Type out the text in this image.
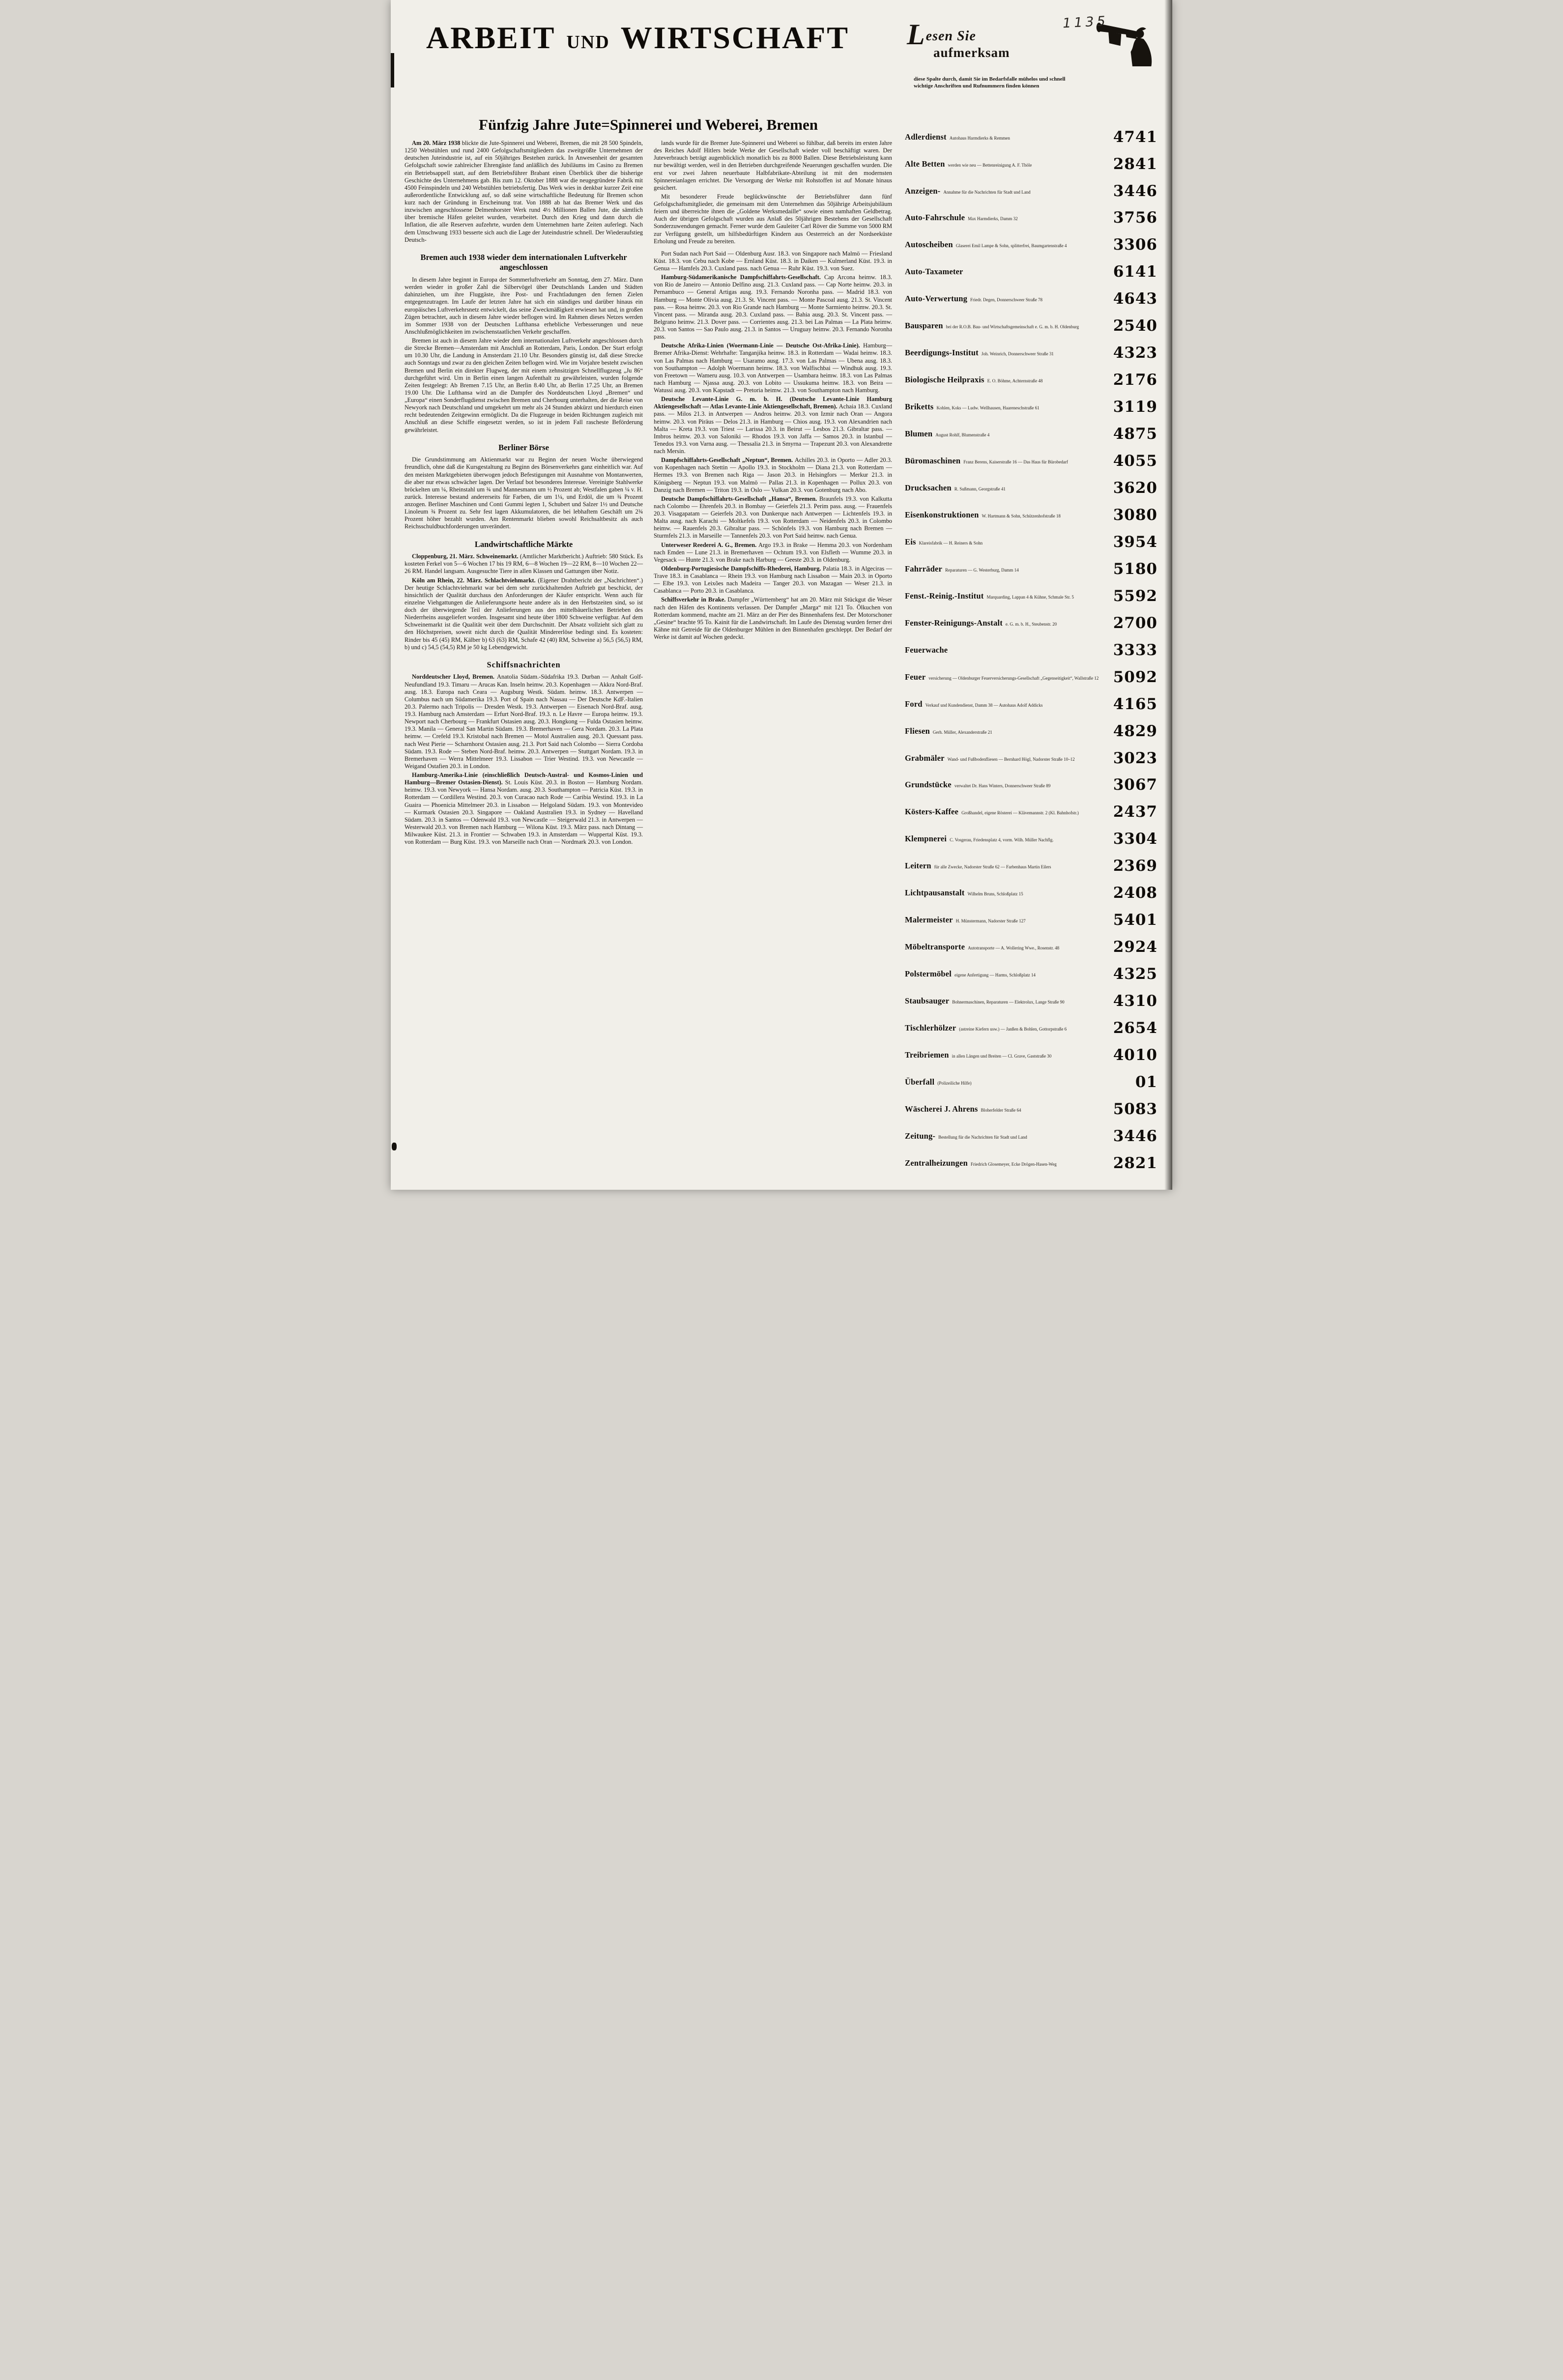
1135
ARBEIT UND WIRTSCHAFT
Fünfzig Jahre Jute=Spinnerei und Weberei, Bremen

Am 20. März 1938 blickte die Jute-Spinnerei und Weberei, Bremen, die mit 28 500 Spindeln, 1250 Webstühlen und rund 2400 Gefolgschaftsmitgliedern das zweitgrößte Unternehmen der deutschen Juteindustrie ist, auf ein 50jähriges Bestehen zurück. In Anwesenheit der gesamten Gefolgschaft sowie zahlreicher Ehrengäste fand anläßlich des Jubiläums im Casino zu Bremen ein Betriebsappell statt, auf dem Betriebsführer Brabant einen Überblick über die bisherige Geschichte des Unternehmens gab. Bis zum 12. Oktober 1888 war die neugegründete Fabrik mit 4500 Feinspindeln und 240 Webstühlen betriebsfertig. Das Werk wies in denkbar kurzer Zeit eine außerordentliche Entwicklung auf, so daß seine wirtschaftliche Bedeutung für Bremen schon kurz nach der Gründung in Erscheinung trat. Von 1888 ab hat das Bremer Werk und das inzwischen angeschlossene Delmenhorster Werk rund 4½ Millionen Ballen Jute, die sämtlich über bremische Häfen geleitet wurden, verarbeitet. Durch den Krieg und dann durch die Inflation, die alle Reserven aufzehrte, wurden dem Unternehmen harte Zeiten auferlegt. Nach dem Umschwung 1933 besserte sich auch die Lage der Juteindustrie schnell. Der Wiederaufstieg Deutsch-

Bremen auch 1938 wieder dem internationalen Luftverkehr angeschlossen

In diesem Jahre beginnt in Europa der Sommerluftverkehr am Sonntag, dem 27. März. Dann werden wieder in großer Zahl die Silbervögel über Deutschlands Landen und Städten dahinziehen, um ihre Fluggäste, ihre Post- und Frachtladungen den fernen Zielen entgegenzutragen. Im Laufe der letzten Jahre hat sich ein ständiges und darüber hinaus ein europäisches Luftverkehrsnetz entwickelt, das seine Zweckmäßigkeit erwiesen hat und, in großen Zügen betrachtet, auch in diesem Jahre wieder beflogen wird. Im Rahmen dieses Netzes werden im Sommer 1938 von der Deutschen Lufthansa erhebliche Verbesserungen und neue Anschlußmöglichkeiten im zwischenstaatlichen Verkehr geschaffen.

Bremen ist auch in diesem Jahre wieder dem internationalen Luftverkehr angeschlossen durch die Strecke Bremen—Amsterdam mit Anschluß an Rotterdam, Paris, London. Der Start erfolgt um 10.30 Uhr, die Landung in Amsterdam 21.10 Uhr. Besonders günstig ist, daß diese Strecke auch Sonntags und zwar zu den gleichen Zeiten beflogen wird. Wie im Vorjahre besteht zwischen Bremen und Berlin ein direkter Flugweg, der mit einem zehnsitzigen Schnellflugzeug „Ju 86“ durchgeführt wird. Um in Berlin einen langen Aufenthalt zu gewährleisten, wurden folgende Zeiten festgelegt: Ab Bremen 7.15 Uhr, an Berlin 8.40 Uhr, ab Berlin 17.25 Uhr, an Bremen 19.00 Uhr. Die Lufthansa wird an die Dampfer des Norddeutschen Lloyd „Bremen“ und „Europa“ einen Sonderflugdienst zwischen Bremen und Cherbourg unterhalten, der die Reise von Newyork nach Deutschland und umgekehrt um mehr als 24 Stunden abkürzt und hierdurch einen recht bedeutenden Zeitgewinn ermöglicht. Da die Flugzeuge in beiden Richtungen zugleich mit Anschluß an diese Schiffe eingesetzt werden, so ist in jedem Fall rascheste Beförderung gewährleistet.

Berliner Börse

Die Grundstimmung am Aktienmarkt war zu Beginn der neuen Woche überwiegend freundlich, ohne daß die Kursgestaltung zu Beginn des Börsenverkehrs ganz einheitlich war. Auf den meisten Marktgebieten überwogen jedoch Befestigungen mit Ausnahme von Montanwerten, die aber nur etwas schwächer lagen. Der Verlauf bot besonderes Interesse. Vereinigte Stahlwerke bröckelten um ¼, Rheinstahl um ¾ und Mannesmann um ½ Prozent ab; Westfalen gaben ¼ v. H. zurück. Interesse bestand andererseits für Farben, die um 1¼, und Erdöl, die um ¾ Prozent anzogen. Berliner Maschinen und Conti Gummi legten 1, Schubert und Salzer 1½ und Deutsche Linoleum ¾ Prozent zu. Sehr fest lagen Akkumulatoren, die bei lebhaftem Geschäft um 2¾ Prozent höher bezahlt wurden. Am Rentenmarkt blieben sowohl Reichsaltbesitz als auch Reichsschuldbuchforderungen unverändert.

Landwirtschaftliche Märkte

Cloppenburg, 21. März. Schweinemarkt. (Amtlicher Marktbericht.) Auftrieb: 580 Stück. Es kosteten Ferkel von 5—6 Wochen 17 bis 19 RM, 6—8 Wochen 19—22 RM, 8—10 Wochen 22—26 RM. Handel langsam. Ausgesuchte Tiere in allen Klassen und Gattungen über Notiz.

Köln am Rhein, 22. März. Schlachtviehmarkt. (Eigener Drahtbericht der „Nachrichten“.) Der heutige Schlachtviehmarkt war bei dem sehr zurückhaltenden Auftrieb gut beschickt, der hinsichtlich der Qualität durchaus den Anforderungen der Käufer entspricht. Wenn auch für einzelne Viehgattungen die Anlieferungsorte heute andere als in den Herbstzeiten sind, so ist doch der überwiegende Teil der Anlieferungen aus den mittelbäuerlichen Betrieben des Niederrheins ausgeliefert worden. Insgesamt sind heute über 1800 Schweine verfügbar. Auf dem Schweinemarkt ist die Qualität weit über dem Durchschnitt. Der Absatz vollzieht sich glatt zu den Höchstpreisen, soweit nicht durch die Qualität Mindererlöse bedingt sind. Es kosteten: Rinder bis 45 (45) RM, Kälber b) 63 (63) RM, Schafe 42 (40) RM, Schweine a) 56,5 (56,5) RM, b) und c) 54,5 (54,5) RM je 50 kg Lebendgewicht.

Schiffsnachrichten

Norddeutscher Lloyd, Bremen. Anatolia Südam.-Südafrika 19.3. Durban — Anhalt Golf-Neufundland 19.3. Timaru — Arucas Kan. Inseln heimw. 20.3. Kopenhagen — Akkra Nord-Braf. ausg. 18.3. Europa nach Ceara — Augsburg Westk. Südam. heimw. 18.3. Antwerpen — Columbus nach um Südamerika 19.3. Port of Spain nach Nassau — Der Deutsche KdF.-Italien 20.3. Palermo nach Tripolis — Dresden Westk. 19.3. Antwerpen — Eisenach Nord-Braf. ausg. 19.3. Hamburg nach Amsterdam — Erfurt Nord-Braf. 19.3. n. Le Havre — Europa heimw. 19.3. Newport nach Cherbourg — Frankfurt Ostasien ausg. 20.3. Hongkong — Fulda Ostasien heimw. 19.3. Manila — General San Martin Südam. 19.3. Bremerhaven — Gera Nordam. 20.3. La Plata heimw. — Crefeld 19.3. Kristobal nach Bremen — Motol Australien ausg. 20.3. Quessant pass. nach West Pierie — Scharnhorst Ostasien ausg. 21.3. Port Said nach Colombo — Sierra Cordoba Südam. 19.3. Rode — Steben Nord-Braf. heimw. 20.3. Antwerpen — Stuttgart Nordam. 19.3. in Bremerhaven — Werra Mittelmeer 19.3. Lissabon — Trier Westind. 19.3. von Newcastle — Weigand Ostafien 20.3. in London.

Hamburg-Amerika-Linie (einschließlich Deutsch-Austral- und Kosmos-Linien und Hamburg—Bremer Ostasien-Dienst). St. Louis Küst. 20.3. in Boston — Hamburg Nordam. heimw. 19.3. von Newyork — Hansa Nordam. ausg. 20.3. Southampton — Patricia Küst. 19.3. in Rotterdam — Cordillera Westind. 20.3. von Curacao nach Rode — Caribia Westind. 19.3. in La Guaira — Phoenicia Mittelmeer 20.3. in Lissabon — Helgoland Südam. 19.3. von Montevideo — Kurmark Ostasien 20.3. Singapore — Oakland Australien 19.3. in Sydney — Havelland Südam. 20.3. in Santos — Odenwald 19.3. von Newcastle — Steigerwald 21.3. in Antwerpen — Westerwald 20.3. von Bremen nach Hamburg — Wilona Küst. 19.3. März pass. nach Dintang — Milwaukee Küst. 21.3. in Frontier — Schwaben 19.3. in Amsterdam — Wuppertal Küst. 19.3. von Rotterdam — Burg Küst. 19.3. von Marseille nach Oran — Nordmark 20.3. von London.

lands wurde für die Bremer Jute-Spinnerei und Weberei so fühlbar, daß bereits im ersten Jahre des Reiches Adolf Hitlers beide Werke der Gesellschaft wieder voll beschäftigt waren. Der Juteverbrauch beträgt augenblicklich monatlich bis zu 8000 Ballen. Diese Betriebsleistung kann nur bewältigt werden, weil in den Betrieben durchgreifende Neuerungen geschaffen wurden. Die erst vor zwei Jahren neuerbaute Halbfabrikate-Abteilung ist mit den modernsten Spinnereianlagen errichtet. Die Versorgung der Werke mit Rohstoffen ist auf Monate hinaus gesichert.

Mit besonderer Freude beglückwünschte der Betriebsführer dann fünf Gefolgschaftsmitglieder, die gemeinsam mit dem Unternehmen das 50jährige Arbeitsjubiläum feiern und überreichte ihnen die „Goldene Werksmedaille“ sowie einen namhaften Geldbetrag. Auch der übrigen Gefolgschaft wurden aus Anlaß des 50jährigen Bestehens der Gesellschaft Sonderzuwendungen gemacht. Ferner wurde dem Gauleiter Carl Röver die Summe von 5000 RM zur Verfügung gestellt, um hilfsbedürftigen Kindern aus Oesterreich an der Nordseeküste Erholung und Freude zu bereiten.

Port Sudan nach Port Said — Oldenburg Ausr. 18.3. von Singapore nach Malmö — Friesland Küst. 18.3. von Cebu nach Kobe — Ernland Küst. 18.3. in Daiken — Kulmerland Küst. 19.3. in Genua — Hamfels 20.3. Cuxland pass. nach Genua — Ruhr Küst. 19.3. von Suez.

Hamburg-Südamerikanische Dampfschiffahrts-Gesellschaft. Cap Arcona heimw. 18.3. von Rio de Janeiro — Antonio Delfino ausg. 21.3. Cuxland pass. — Cap Norte heimw. 20.3. in Pernambuco — General Artigas ausg. 19.3. Fernando Noronha pass. — Madrid 18.3. von Hamburg — Monte Olivia ausg. 21.3. St. Vincent pass. — Monte Pascoal ausg. 21.3. St. Vincent pass. — Rosa heimw. 20.3. von Rio Grande nach Hamburg — Monte Sarmiento heimw. 20.3. St. Vincent pass. — Miranda ausg. 20.3. Cuxland pass. — Bahia ausg. 20.3. St. Vincent pass. — Belgrano heimw. 21.3. Dover pass. — Corrientes ausg. 21.3. bei Las Palmas — La Plata heimw. 20.3. von Santos — Sao Paulo ausg. 21.3. in Santos — Uruguay heimw. 20.3. Fernando Noronha pass.

Deutsche Afrika-Linien (Woermann-Linie — Deutsche Ost-Afrika-Linie). Hamburg—Bremer Afrika-Dienst: Wehrhafte: Tanganjika heimw. 18.3. in Rotterdam — Wadai heimw. 18.3. von Las Palmas nach Hamburg — Usaramo ausg. 17.3. von Las Palmas — Ubena ausg. 18.3. von Southampton — Adolph Woermann heimw. 18.3. von Walfischbai — Windhuk ausg. 19.3. von Freetown — Wameru ausg. 10.3. von Antwerpen — Usambara heimw. 18.3. von Las Palmas nach Hamburg — Njassa ausg. 20.3. von Lobito — Ussukuma heimw. 18.3. von Beira — Watussi ausg. 20.3. von Kapstadt — Pretoria heimw. 21.3. von Southampton nach Hamburg.

Deutsche Levante-Linie G. m. b. H. (Deutsche Levante-Linie Hamburg Aktiengesellschaft — Atlas Levante-Linie Aktiengesellschaft, Bremen). Achaia 18.3. Cuxland pass. — Milos 21.3. in Antwerpen — Andros heimw. 20.3. von Izmir nach Oran — Angora heimw. 20.3. von Piräus — Delos 21.3. in Hamburg — Chios ausg. 19.3. von Alexandrien nach Malta — Kreta 19.3. von Triest — Larissa 20.3. in Beirut — Lesbos 21.3. Gibraltar pass. — Imbros heimw. 20.3. von Saloniki — Rhodos 19.3. von Jaffa — Samos 20.3. in Istanbul — Tenedos 19.3. von Varna ausg. — Thessalia 21.3. in Smyrna — Trapezunt 20.3. von Alexandrette nach Mersin.

Dampfschiffahrts-Gesellschaft „Neptun“, Bremen. Achilles 20.3. in Oporto — Adler 20.3. von Kopenhagen nach Stettin — Apollo 19.3. in Stockholm — Diana 21.3. von Rotterdam — Hermes 19.3. von Bremen nach Riga — Jason 20.3. in Helsingfors — Merkur 21.3. in Königsberg — Neptun 19.3. von Malmö — Pallas 21.3. in Kopenhagen — Pollux 20.3. von Danzig nach Bremen — Triton 19.3. in Oslo — Vulkan 20.3. von Gotenburg nach Abo.

Deutsche Dampfschiffahrts-Gesellschaft „Hansa“, Bremen. Braunfels 19.3. von Kalkutta nach Colombo — Ehrenfels 20.3. in Bombay — Geierfels 21.3. Perim pass. ausg. — Frauenfels 20.3. Visagapatam — Geierfels 20.3. von Dunkerque nach Antwerpen — Lichtenfels 19.3. in Malta ausg. nach Karachi — Moltkefels 19.3. von Rotterdam — Neidenfels 20.3. in Colombo heimw. — Rauenfels 20.3. Gibraltar pass. — Schönfels 19.3. von Hamburg nach Bremen — Sturmfels 21.3. in Marseille — Tannenfels 20.3. von Port Said heimw. nach Genua.

Unterweser Reederei A. G., Bremen. Argo 19.3. in Brake — Hemma 20.3. von Nordenham nach Emden — Lune 21.3. in Bremerhaven — Ochtum 19.3. von Elsfleth — Wumme 20.3. in Vegesack — Hunte 21.3. von Brake nach Harburg — Geeste 20.3. in Oldenburg.

Oldenburg-Portugiesische Dampfschiffs-Rhederei, Hamburg. Palatia 18.3. in Algeciras — Trave 18.3. in Casablanca — Rhein 19.3. von Hamburg nach Lissabon — Main 20.3. in Oporto — Elbe 19.3. von Leixões nach Madeira — Tanger 20.3. von Mazagan — Weser 21.3. in Casablanca — Porto 20.3. in Casablanca.

Schiffsverkehr in Brake. Dampfer „Württemberg“ hat am 20. März mit Stückgut die Weser nach den Häfen des Kontinents verlassen. Der Dampfer „Marga“ mit 121 To. Ölkuchen von Rotterdam kommend, machte am 21. März an der Pier des Binnenhafens fest. Der Motorschoner „Gesine“ brachte 95 To. Kainit für die Landwirtschaft. Im Laufe des Dienstag wurden ferner drei Kähne mit Getreide für die Oldenburger Mühlen in den Binnenhafen geschleppt. Der Bedarf der Werke ist damit auf Wochen gedeckt.

Lesen Sie
aufmerksam

diese Spalte durch, damit Sie im Bedarfsfalle mühelos und schnell wichtige Anschriften und Rufnummern finden können

Adlerdienst Autohaus Harmdierks & Remmen	4741
Alte Betten werden wie neu — Bettenreinigung A. F. Thöle	2841
Anzeigen- Annahme für die Nachrichten für Stadt und Land	3446
Auto-Fahrschule Max Harmdierks, Damm 32	3756
Autoscheiben Glaserei Emil Lampe & Sohn, splitterfrei, Baumgartenstraße 4	3306
Auto-Taxameter	6141
Auto-Verwertung Friedr. Degen, Donnerschweer Straße 78	4643
Bausparen bei der R.O.B. Bau- und Wirtschaftsgemeinschaft e. G. m. b. H. Oldenburg	2540
Beerdigungs-Institut Joh. Weinrich, Donnerschweer Straße 31	4323
Biologische Heilpraxis E. O. Böhme, Achternstraße 48	2176
Briketts Kohlen, Koks — Ludw. Wellhausen, Haareneschstraße 61	3119
Blumen August Rohlf, Blumenstraße 4	4875
Büromaschinen Franz Berens, Kaiserstraße 16 — Das Haus für Bürobedarf	4055
Drucksachen R. Sußmann, Georgstraße 41	3620
Eisenkonstruktionen W. Hartmann & Sohn, Schützenhofstraße 18	3080
Eis Klareisfabrik — H. Reiners & Sohn	3954
Fahrräder Reparaturen — G. Westerburg, Damm 14	5180
Fenst.-Reinig.-Institut Marquarding, Lappan 4 & Kühne, Schmale Str. 5	5592
Fenster-Reinigungs-Anstalt e. G. m. b. H., Steubenstr. 20	2700
Feuerwache	3333
Feuer versicherung — Oldenburger Feuerversicherungs-Gesellschaft „Gegenseitigkeit“, Wallstraße 12 5092
Ford Verkauf und Kundendienst, Damm 38 — Autohaus Adolf Addicks	4165
Fliesen Gerh. Müller, Alexanderstraße 21	4829
Grabmäler Wand- und Fußbodenfliesen — Bernhard Högl, Nadorster Straße 10–12	3023
Grundstücke verwaltet Dr. Hans Winters, Donnerschweer Straße 89	3067
Kösters-Kaffee Großhandel, eigene Rösterei — Klävemannstr. 2 (Kl. Bahnhofstr.)	2437
Klempnerei C. Vosgerau, Friedensplatz 4, vorm. Wilh. Müller Nachflg.	3304
Leitern für alle Zwecke, Nadorster Straße 62 — Farbenhaus Martin Eilers	2369
Lichtpausanstalt Wilhelm Bruns, Schloßplatz 15	2408
Malermeister H. Münstermann, Nadorster Straße 127	5401
Möbeltransporte Autotransporte — A. Wollering Wwe., Rosenstr. 48	2924
Polstermöbel eigene Anfertigung — Harms, Schloßplatz 14	4325
Staubsauger Bohnermaschinen, Reparaturen — Elektrolux, Lange Straße 90	4310
Tischlerhölzer (astreine Kiefern usw.) — Janßen & Bohlen, Gottorpstraße 6	2654
Treibriemen in allen Längen und Breiten — Cl. Grave, Gaststraße 30	4010
Überfall (Polizeiliche Hilfe)	01
Wäscherei J. Ahrens Bloherfelder Straße 64	5083
Zeitung- Bestellung für die Nachrichten für Stadt und Land	3446
Zentralheizungen Friedrich Glosemeyer, Ecke Drögen-Hasen-Weg	2821
